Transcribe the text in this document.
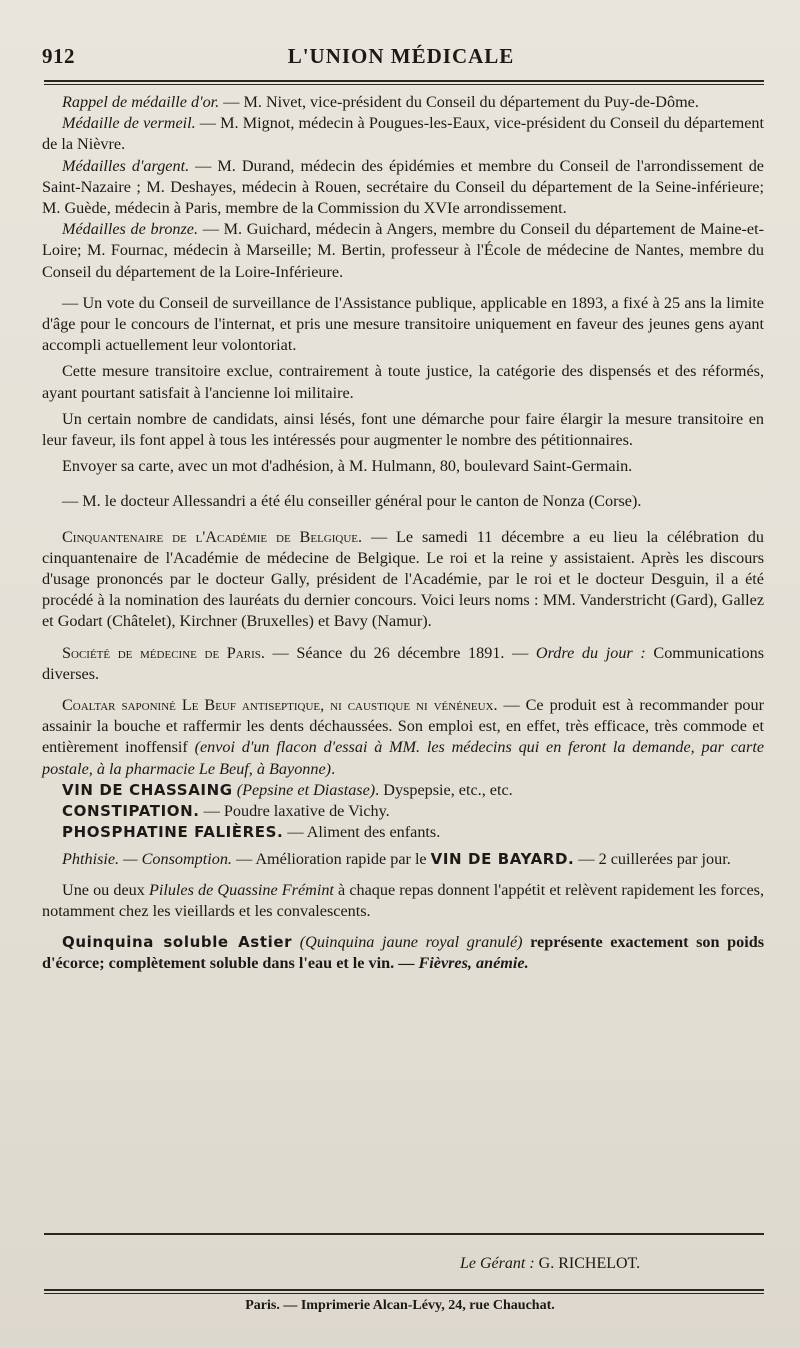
912	L'UNION MÉDICALE

Rappel de médaille d'or. — M. Nivet, vice-président du Conseil du département du Puy-de-Dôme.

Médaille de vermeil. — M. Mignot, médecin à Pougues-les-Eaux, vice-président du Conseil du département de la Nièvre.

Médailles d'argent. — M. Durand, médecin des épidémies et membre du Conseil de l'arrondissement de Saint-Nazaire ; M. Deshayes, médecin à Rouen, secrétaire du Conseil du département de la Seine-inférieure; M. Guède, médecin à Paris, membre de la Commission du XVIe arrondissement.

Médailles de bronze. — M. Guichard, médecin à Angers, membre du Conseil du département de Maine-et-Loire; M. Fournac, médecin à Marseille; M. Bertin, professeur à l'École de médecine de Nantes, membre du Conseil du département de la Loire-Inférieure.

— Un vote du Conseil de surveillance de l'Assistance publique, applicable en 1893, a fixé à 25 ans la limite d'âge pour le concours de l'internat, et pris une mesure transitoire uniquement en faveur des jeunes gens ayant accompli actuellement leur volontoriat.

Cette mesure transitoire exclue, contrairement à toute justice, la catégorie des dispensés et des réformés, ayant pourtant satisfait à l'ancienne loi militaire.

Un certain nombre de candidats, ainsi lésés, font une démarche pour faire élargir la mesure transitoire en leur faveur, ils font appel à tous les intéressés pour augmenter le nombre des pétitionnaires.

Envoyer sa carte, avec un mot d'adhésion, à M. Hulmann, 80, boulevard Saint-Germain.

— M. le docteur Allessandri a été élu conseiller général pour le canton de Nonza (Corse).

Cinquantenaire de l'Académie de Belgique. — Le samedi 11 décembre a eu lieu la célébration du cinquantenaire de l'Académie de médecine de Belgique. Le roi et la reine y assistaient. Après les discours d'usage prononcés par le docteur Gally, président de l'Académie, par le roi et le docteur Desguin, il a été procédé à la nomination des lauréats du dernier concours. Voici leurs noms : MM. Vanderstricht (Gard), Gallez et Godart (Châtelet), Kirchner (Bruxelles) et Bavy (Namur).

Société de médecine de Paris. — Séance du 26 décembre 1891. — Ordre du jour : Communications diverses.

Coaltar saponiné Le Beuf antiseptique, ni caustique ni vénéneux. — Ce produit est à recommander pour assainir la bouche et raffermir les dents déchaussées. Son emploi est, en effet, très efficace, très commode et entièrement inoffensif (envoi d'un flacon d'essai à MM. les médecins qui en feront la demande, par carte postale, à la pharmacie Le Beuf, à Bayonne).

VIN DE CHASSAING (Pepsine et Diastase). Dyspepsie, etc., etc.

CONSTIPATION. — Poudre laxative de Vichy.

PHOSPHATINE FALIÈRES. — Aliment des enfants.

Phthisie. — Consomption. — Amélioration rapide par le VIN DE BAYARD. — 2 cuillerées par jour.

Une ou deux Pilules de Quassine Frémint à chaque repas donnent l'appétit et relèvent rapidement les forces, notamment chez les vieillards et les convalescents.

Quinquina soluble Astier (Quinquina jaune royal granulé) représente exactement son poids d'écorce; complètement soluble dans l'eau et le vin. — Fièvres, anémie.

Le Gérant : G. RICHELOT.
Paris. — Imprimerie Alcan-Lévy, 24, rue Chauchat.
